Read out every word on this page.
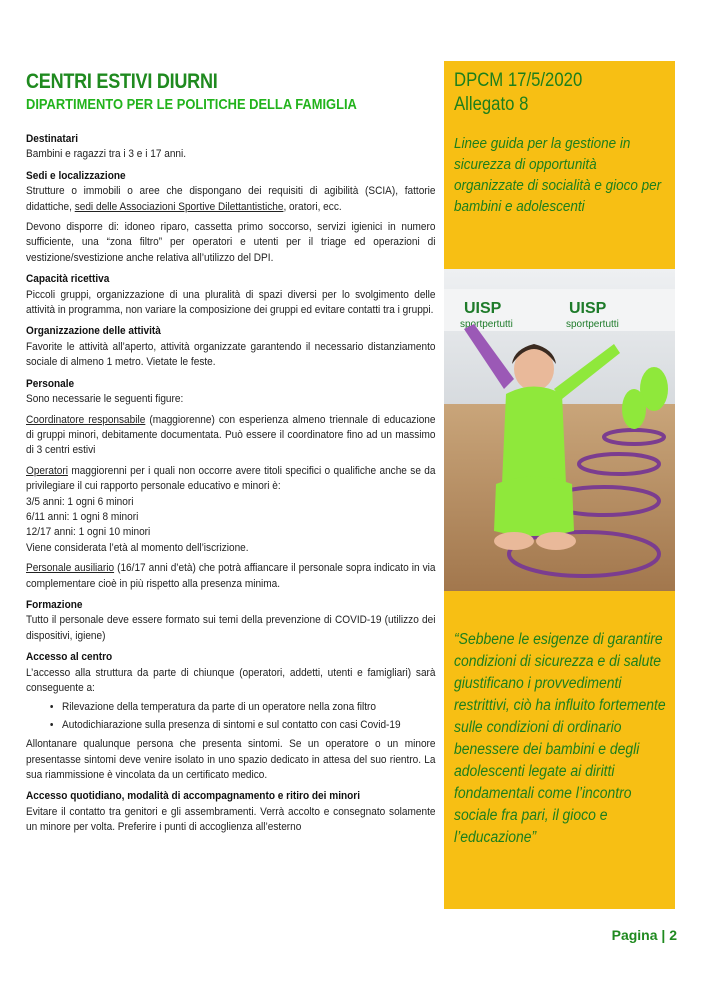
CENTRI ESTIVI DIURNI
DIPARTIMENTO PER LE POLITICHE DELLA FAMIGLIA
Destinatari

Bambini e ragazzi tra i 3 e i 17 anni.

Sedi e localizzazione

Strutture o immobili o aree che dispongano dei requisiti di agibilità (SCIA), fattorie didattiche, sedi delle Associazioni Sportive Dilettantistiche, oratori, ecc.

Devono disporre di: idoneo riparo, cassetta primo soccorso, servizi igienici in numero sufficiente, una “zona filtro” per operatori e utenti per il triage ed operazioni di vestizione/svestizione anche relativa all’utilizzo del DPI.

Capacità ricettiva

Piccoli gruppi, organizzazione di una pluralità di spazi diversi per lo svolgimento delle attività in programma, non variare la composizione dei gruppi ed evitare contatti tra i gruppi.

Organizzazione delle attività

Favorite le attività all’aperto, attività organizzate garantendo il necessario distanziamento sociale di almeno 1 metro. Vietate le feste.

Personale

Sono necessarie le seguenti figure:

Coordinatore responsabile (maggiorenne) con esperienza almeno triennale di educazione di gruppi minori, debitamente documentata. Può essere il coordinatore fino ad un massimo di 3 centri estivi

Operatori maggiorenni per i quali non occorre avere titoli specifici o qualifiche anche se da privilegiare il cui rapporto personale educativo e minori è:

3/5 anni: 1 ogni 6 minori

6/11 anni: 1 ogni 8 minori

12/17 anni: 1 ogni 10 minori

Viene considerata l’età al momento dell’iscrizione.

Personale ausiliario (16/17 anni d’età) che potrà affiancare il personale sopra indicato in via complementare cioè in più rispetto alla presenza minima.

Formazione

Tutto il personale deve essere formato sui temi della prevenzione di COVID-19 (utilizzo dei dispositivi, igiene)

Accesso al centro

L’accesso alla struttura da parte di chiunque (operatori, addetti, utenti e famigliari) sarà conseguente a:

• Rilevazione della temperatura da parte di un operatore nella zona filtro
• Autodichiarazione sulla presenza di sintomi e sul contatto con casi Covid-19

Allontanare qualunque persona che presenta sintomi. Se un operatore o un minore presentasse sintomi deve venire isolato in uno spazio dedicato in attesa del suo rientro. La sua riammissione è vincolata da un certificato medico.

Accesso quotidiano, modalità di accompagnamento e ritiro dei minori

Evitare il contatto tra genitori e gli assembramenti. Verrà accolto e consegnato solamente un minore per volta. Preferire i punti di accoglienza all’esterno

DPCM 17/5/2020
Allegato 8
Linee guida per la gestione in sicurezza di opportunità organizzate di socialità e gioco per bambini e adolescenti
UISP
sportpertutti
UISP
sportpertutti
“Sebbene le esigenze di garantire condizioni di sicurezza e di salute giustificano i provvedimenti restrittivi, ciò ha influito fortemente sulle condizioni di ordinario benessere dei bambini e degli adolescenti legate ai diritti fondamentali come l’incontro sociale fra pari, il gioco e l’educazione”
Pagina | 2
